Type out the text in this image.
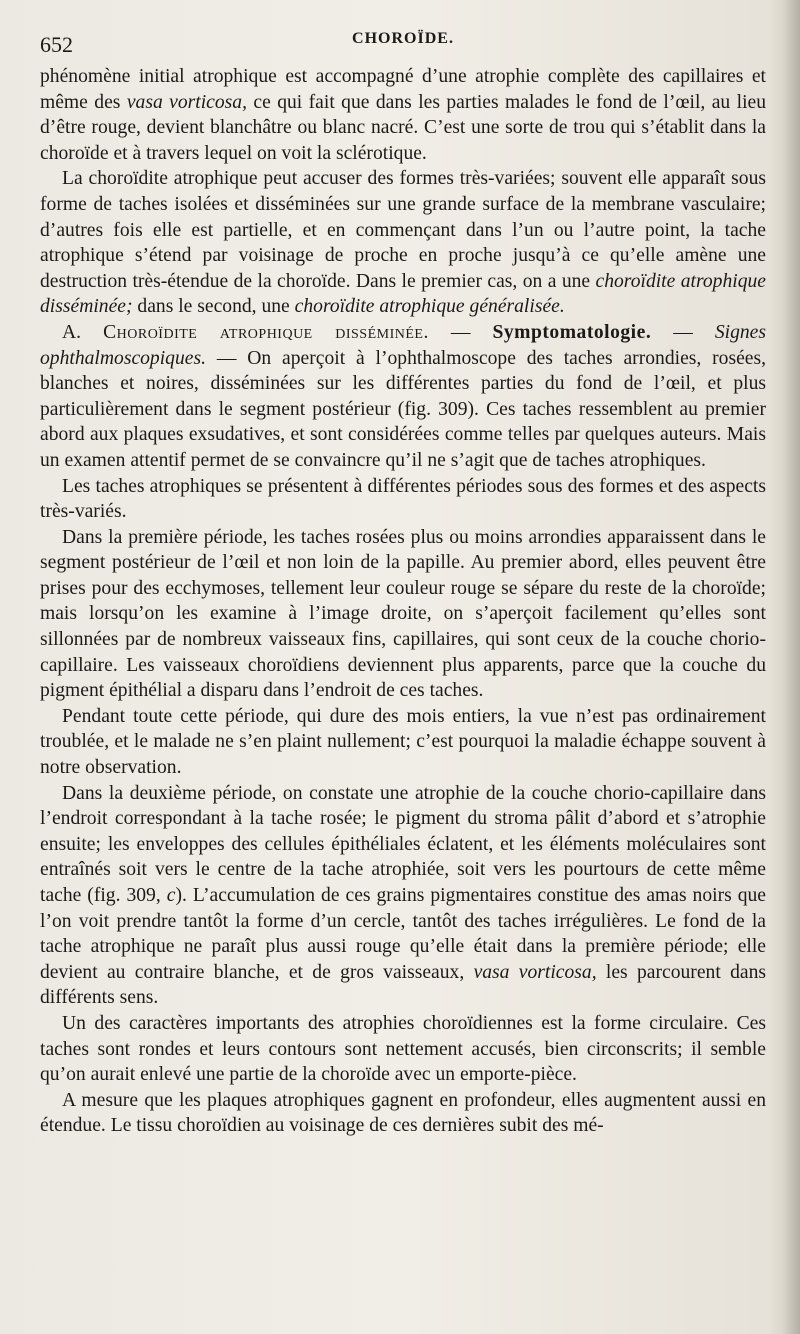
652	CHOROÏDE.

phénomène initial atrophique est accompagné d’une atrophie complète des capillaires et même des vasa vorticosa, ce qui fait que dans les parties malades le fond de l’œil, au lieu d’être rouge, devient blanchâtre ou blanc nacré. C’est une sorte de trou qui s’établit dans la choroïde et à travers lequel on voit la sclérotique.

La choroïdite atrophique peut accuser des formes très-variées; souvent elle apparaît sous forme de taches isolées et disséminées sur une grande surface de la membrane vasculaire; d’autres fois elle est partielle, et en commençant dans l’un ou l’autre point, la tache atrophique s’étend par voisinage de proche en proche jusqu’à ce qu’elle amène une destruction très-étendue de la choroïde. Dans le premier cas, on a une choroïdite atrophique disséminée; dans le second, une choroïdite atrophique généralisée.

A. Choroïdite atrophique disséminée. — Symptomatologie. — Signes ophthalmoscopiques. — On aperçoit à l’ophthalmoscope des taches arrondies, rosées, blanches et noires, disséminées sur les différentes parties du fond de l’œil, et plus particulièrement dans le segment postérieur (fig. 309). Ces taches ressemblent au premier abord aux plaques exsudatives, et sont considérées comme telles par quelques auteurs. Mais un examen attentif permet de se convaincre qu’il ne s’agit que de taches atrophiques.

Les taches atrophiques se présentent à différentes périodes sous des formes et des aspects très-variés.

Dans la première période, les taches rosées plus ou moins arrondies apparaissent dans le segment postérieur de l’œil et non loin de la papille. Au premier abord, elles peuvent être prises pour des ecchymoses, tellement leur couleur rouge se sépare du reste de la choroïde; mais lorsqu’on les examine à l’image droite, on s’aperçoit facilement qu’elles sont sillonnées par de nombreux vaisseaux fins, capillaires, qui sont ceux de la couche chorio-capillaire. Les vaisseaux choroïdiens deviennent plus apparents, parce que la couche du pigment épithélial a disparu dans l’endroit de ces taches.

Pendant toute cette période, qui dure des mois entiers, la vue n’est pas ordinairement troublée, et le malade ne s’en plaint nullement; c’est pourquoi la maladie échappe souvent à notre observation.

Dans la deuxième période, on constate une atrophie de la couche chorio-capillaire dans l’endroit correspondant à la tache rosée; le pigment du stroma pâlit d’abord et s’atrophie ensuite; les enveloppes des cellules épithéliales éclatent, et les éléments moléculaires sont entraînés soit vers le centre de la tache atrophiée, soit vers les pourtours de cette même tache (fig. 309, c). L’accumulation de ces grains pigmentaires constitue des amas noirs que l’on voit prendre tantôt la forme d’un cercle, tantôt des taches irrégulières. Le fond de la tache atrophique ne paraît plus aussi rouge qu’elle était dans la première période; elle devient au contraire blanche, et de gros vaisseaux, vasa vorticosa, les parcourent dans différents sens.

Un des caractères importants des atrophies choroïdiennes est la forme circulaire. Ces taches sont rondes et leurs contours sont nettement accusés, bien circonscrits; il semble qu’on aurait enlevé une partie de la choroïde avec un emporte-pièce.

A mesure que les plaques atrophiques gagnent en profondeur, elles augmentent aussi en étendue. Le tissu choroïdien au voisinage de ces dernières subit des mé-
